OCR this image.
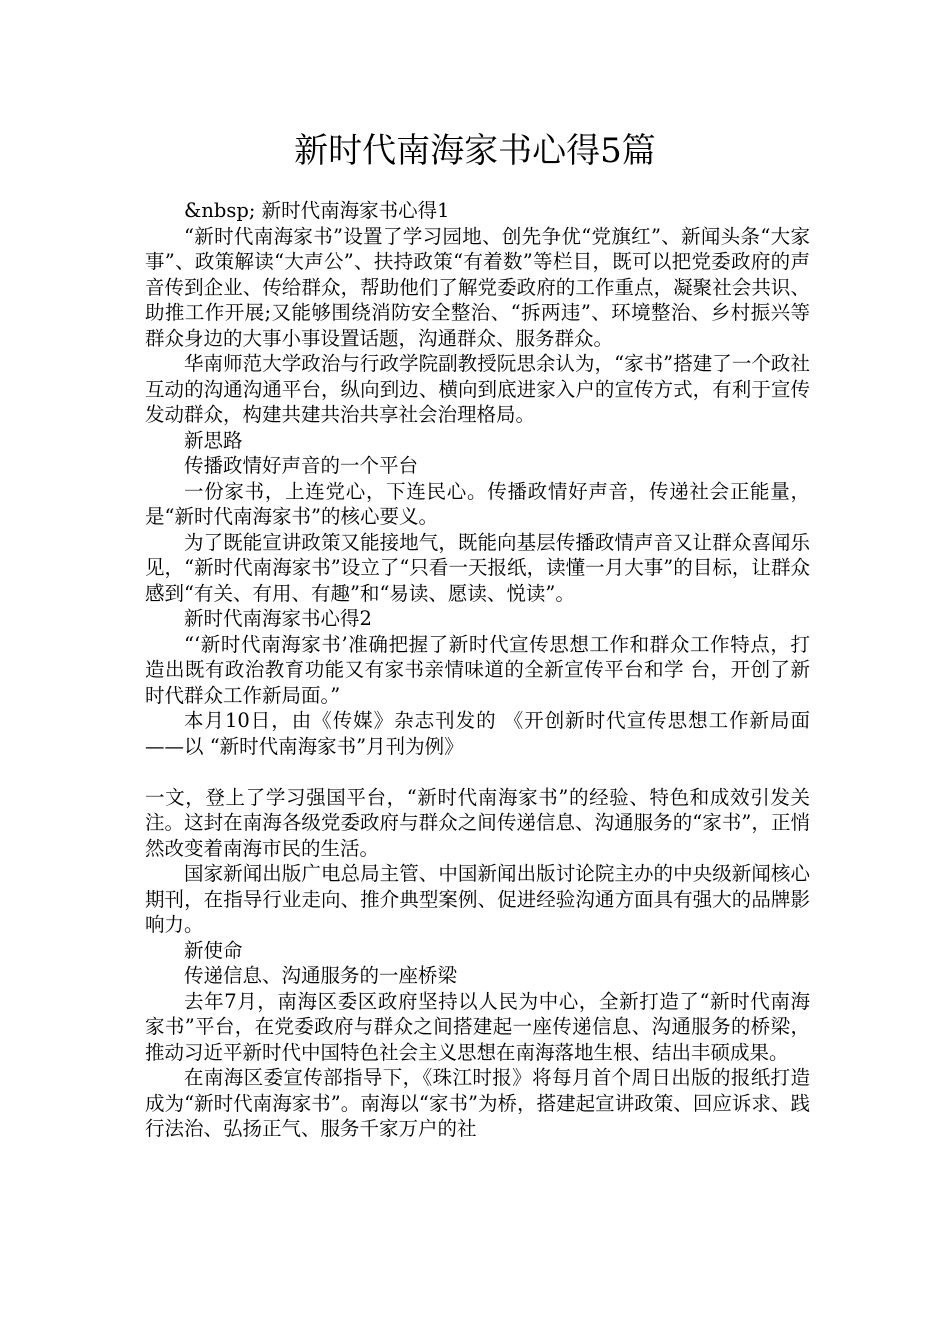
新时代南海家书心得5篇

&nbsp; 新时代南海家书心得1

“新时代南海家书”设置了学习园地、创先争优“党旗红”、新闻头条“大家事”、政策解读“大声公”、扶持政策“有着数”等栏目，既可以把党委政府的声音传到企业、传给群众，帮助他们了解党委政府的工作重点，凝聚社会共识、助推工作开展;又能够围绕消防安全整治、“拆两违”、环境整治、乡村振兴等群众身边的大事小事设置话题，沟通群众、服务群众。

华南师范大学政治与行政学院副教授阮思余认为，“家书”搭建了一个政社互动的沟通沟通平台，纵向到边、横向到底进家入户的宣传方式，有利于宣传发动群众，构建共建共治共享社会治理格局。

新思路

传播政情好声音的一个平台

一份家书，上连党心，下连民心。传播政情好声音，传递社会正能量，是“新时代南海家书”的核心要义。

为了既能宣讲政策又能接地气，既能向基层传播政情声音又让群众喜闻乐见，“新时代南海家书”设立了“只看一天报纸，读懂一月大事”的目标，让群众感到“有关、有用、有趣”和“易读、愿读、悦读”。

新时代南海家书心得2

“‘新时代南海家书’准确把握了新时代宣传思想工作和群众工作特点，打造出既有政治教育功能又有家书亲情味道的全新宣传平台和学 台，开创了新时代群众工作新局面。”

本月10日，由《传媒》杂志刊发的 《开创新时代宣传思想工作新局面——以 “新时代南海家书”月刊为例》

一文，登上了学习强国平台，“新时代南海家书”的经验、特色和成效引发关注。这封在南海各级党委政府与群众之间传递信息、沟通服务的“家书”，正悄然改变着南海市民的生活。

国家新闻出版广电总局主管、中国新闻出版讨论院主办的中央级新闻核心期刊，在指导行业走向、推介典型案例、促进经验沟通方面具有强大的品牌影响力。

新使命

传递信息、沟通服务的一座桥梁

去年7月，南海区委区政府坚持以人民为中心，全新打造了“新时代南海家书”平台，在党委政府与群众之间搭建起一座传递信息、沟通服务的桥梁，推动习近平新时代中国特色社会主义思想在南海落地生根、结出丰硕成果。

在南海区委宣传部指导下，《珠江时报》将每月首个周日出版的报纸打造成为“新时代南海家书”。南海以“家书”为桥，搭建起宣讲政策、回应诉求、践行法治、弘扬正气、服务千家万户的社
